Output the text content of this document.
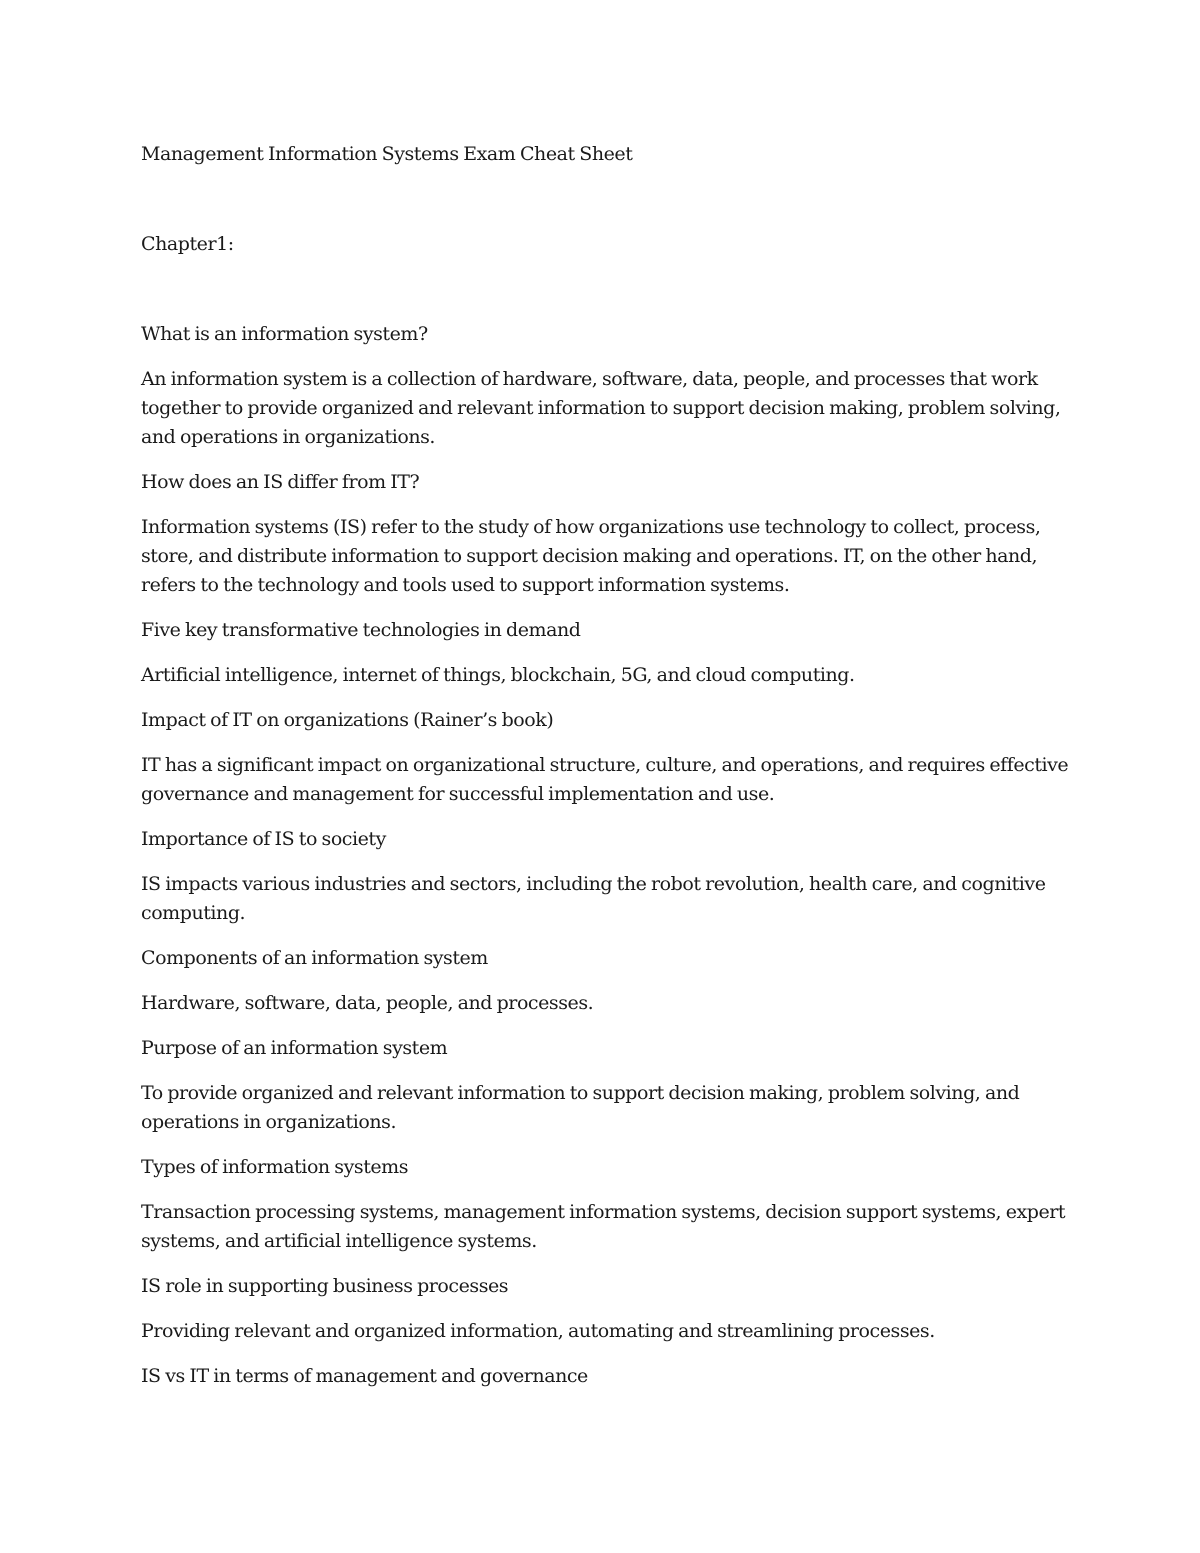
Management Information Systems Exam Cheat Sheet

Chapter1:

What is an information system?

An information system is a collection of hardware, software, data, people, and processes that work together to provide organized and relevant information to support decision making, problem solving, and operations in organizations.

How does an IS differ from IT?

Information systems (IS) refer to the study of how organizations use technology to collect, process, store, and distribute information to support decision making and operations. IT, on the other hand, refers to the technology and tools used to support information systems.

Five key transformative technologies in demand

Artificial intelligence, internet of things, blockchain, 5G, and cloud computing.

Impact of IT on organizations (Rainer’s book)

IT has a significant impact on organizational structure, culture, and operations, and requires effective governance and management for successful implementation and use.

Importance of IS to society

IS impacts various industries and sectors, including the robot revolution, health care, and cognitive computing.

Components of an information system

Hardware, software, data, people, and processes.

Purpose of an information system

To provide organized and relevant information to support decision making, problem solving, and operations in organizations.

Types of information systems

Transaction processing systems, management information systems, decision support systems, expert systems, and artificial intelligence systems.

IS role in supporting business processes

Providing relevant and organized information, automating and streamlining processes.

IS vs IT in terms of management and governance
